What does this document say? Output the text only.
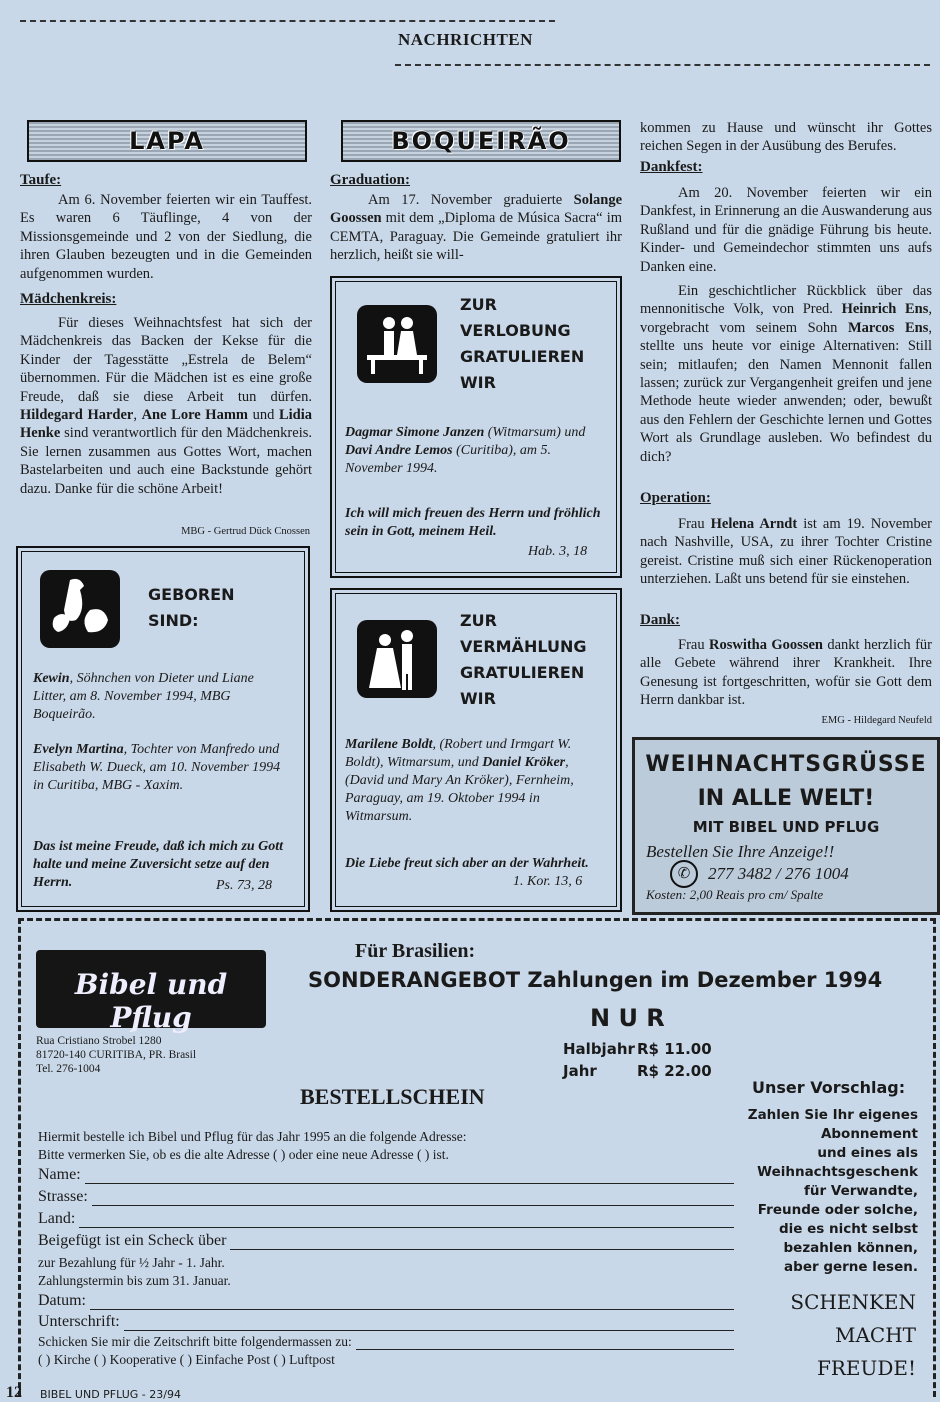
NACHRICHTEN
LAPA
Taufe:

Am 6. November feierten wir ein Tauffest. Es waren 6 Täuflinge, 4 von der Missionsgemeinde und 2 von der Siedlung, die ihren Glauben bezeugten und in die Gemeinden aufgenommen wurden.

Mädchenkreis:

Für dieses Weihnachtsfest hat sich der Mädchenkreis das Backen der Kekse für die Kinder der Tagesstätte „Estrela de Belem“ übernommen. Für die Mädchen ist es eine große Freude, daß sie diese Arbeit tun dürfen. Hildegard Harder, Ane Lore Hamm und Lidia Henke sind verantwortlich für den Mädchenkreis. Sie lernen zusammen aus Gottes Wort, machen Bastelarbeiten und auch eine Backstunde gehört dazu. Danke für die schöne Arbeit!

MBG - Gertrud Dück Cnossen
GEBOREN
SIND:
Kewin, Söhnchen von Dieter und Liane Litter, am 8. November 1994, MBG Boqueirão.
Evelyn Martina, Tochter von Manfredo und Elisabeth W. Dueck, am 10. November 1994 in Curitiba, MBG - Xaxim.
Das ist meine Freude, daß ich mich zu Gott halte und meine Zuversicht setze auf den Herrn.	Ps. 73, 28
BOQUEIRÃO
Graduation:

Am 17. November graduierte Solange Goossen mit dem „Diploma de Música Sacra“ im CEMTA, Paraguay. Die Gemeinde gratuliert ihr herzlich, heißt sie will-

ZUR
VERLOBUNG
GRATULIEREN
WIR
Dagmar Simone Janzen (Witmarsum) und Davi Andre Lemos (Curitiba), am 5. November 1994.
Ich will mich freuen des Herrn und fröhlich sein in Gott, meinem Heil.
Hab. 3, 18
ZUR
VERMÄHLUNG
GRATULIEREN
WIR
Marilene Boldt, (Robert und Irmgart W. Boldt), Witmarsum, und Daniel Kröker, (David und Mary An Kröker), Fernheim, Paraguay, am 19. Oktober 1994 in Witmarsum.
Die Liebe freut sich aber an der Wahrheit.
1. Kor. 13, 6
kommen zu Hause und wünscht ihr Gottes reichen Segen in der Ausübung des Berufes.
Dankfest:

Am 20. November feierten wir ein Dankfest, in Erinnerung an die Auswanderung aus Rußland und für die gnädige Führung bis heute. Kinder- und Gemeindechor stimmten uns aufs Danken eine.

Ein geschichtlicher Rückblick über das mennonitische Volk, von Pred. Heinrich Ens, vorgebracht vom seinem Sohn Marcos Ens, stellte uns heute vor einige Alternativen: Still sein; mitlaufen; den Namen Mennonit fallen lassen; zurück zur Vergangenheit greifen und jene Methode heute wieder anwenden; oder, bewußt aus den Fehlern der Geschichte lernen und Gottes Wort als Grundlage ausleben. Wo befindest du dich?

Operation:

Frau Helena Arndt ist am 19. November nach Nashville, USA, zu ihrer Tochter Cristine gereist. Cristine muß sich einer Rückenoperation unterziehen. Laßt uns betend für sie einstehen.

Dank:

Frau Roswitha Goossen dankt herzlich für alle Gebete während ihrer Krankheit. Ihre Genesung ist fortgeschritten, wofür sie Gott dem Herrn dankbar ist.

EMG - Hildegard Neufeld
WEIHNACHTSGRÜSSE
IN ALLE WELT!
MIT BIBEL UND PFLUG
Bestellen Sie Ihre Anzeige!!
✆	277 3482 / 276 1004
Kosten: 2,00 Reais pro cm/ Spalte
Bibel und Pflug
Rua Cristiano Strobel 1280
81720-140 CURITIBA, PR. Brasil
Tel. 276-1004
Für Brasilien:
SONDERANGEBOT Zahlungen im Dezember 1994
N U R
Halbjahr R$ 11.00
Jahr	R$ 22.00
BESTELLSCHEIN
Hiermit bestelle ich Bibel und Pflug für das Jahr 1995 an die folgende Adresse:
Bitte vermerken Sie, ob es die alte Adresse ( ) oder eine neue Adresse ( ) ist.
Name:
Strasse:
Land:
Beigefügt ist ein Scheck über
zur Bezahlung für ½ Jahr - 1. Jahr.
Zahlungstermin bis zum 31. Januar.
Datum:
Unterschrift:
Schicken Sie mir die Zeitschrift bitte folgendermassen zu:
( ) Kirche ( ) Kooperative ( ) Einfache Post ( ) Luftpost
Unser Vorschlag:
Zahlen Sie Ihr eigenes
Abonnement
und eines als
Weihnachtsgeschenk
für Verwandte,
Freunde oder solche,
die es nicht selbst
bezahlen können,
aber gerne lesen.
SCHENKEN
MACHT
FREUDE!
12 BIBEL UND PFLUG - 23/94
